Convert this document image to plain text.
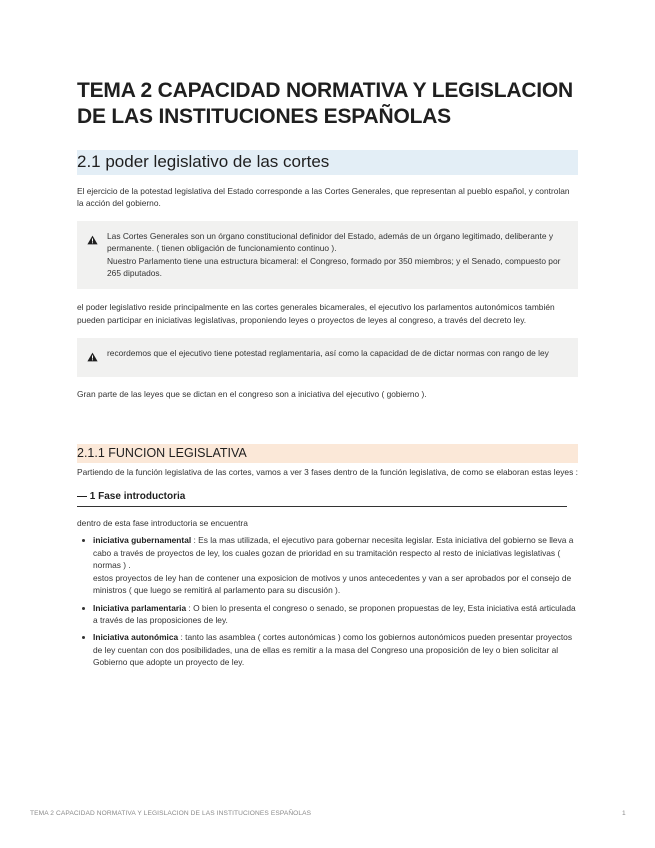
TEMA 2 CAPACIDAD NORMATIVA Y LEGISLACION DE LAS INSTITUCIONES ESPAÑOLAS
2.1 poder legislativo de las cortes

El ejercicio de la potestad legislativa del Estado corresponde a las Cortes Generales, que representan al pueblo español, y controlan la acción del gobierno.

Las Cortes Generales son un órgano constitucional definidor del Estado, además de un órgano legitimado, deliberante y permanente. ( tienen obligación de funcionamiento continuo ).

Nuestro Parlamento tiene una estructura bicameral: el Congreso, formado por 350 miembros; y el Senado, compuesto por 265 diputados.

el poder legislativo reside principalmente en las cortes generales bicamerales, el ejecutivo los parlamentos autonómicos también pueden participar en iniciativas legislativas, proponiendo leyes o proyectos de leyes al congreso, a través del decreto ley.

recordemos que el ejecutivo tiene potestad reglamentaria, así como la capacidad de de dictar normas con rango de ley

Gran parte de las leyes que se dictan en el congreso son a iniciativa del ejecutivo ( gobierno ).

2.1.1 FUNCION LEGISLATIVA

Partiendo de la función legislativa de las cortes, vamos a ver 3 fases dentro de la función legislativa, de como se elaboran estas leyes :

— 1 Fase introductoria

dentro de esta fase introductoria se encuentra

iniciativa gubernamental : Es la mas utilizada, el ejecutivo para gobernar necesita legislar. Esta iniciativa del gobierno se lleva a cabo a través de proyectos de ley, los cuales gozan de prioridad en su tramitación respecto al resto de iniciativas legislativas ( normas ) .
estos proyectos de ley han de contener una exposicion de motivos y unos antecedentes y van a ser aprobados por el consejo de ministros ( que luego se remitirá al parlamento para su discusión ).
Iniciativa parlamentaria : O bien lo presenta el congreso o senado, se proponen propuestas de ley, Esta iniciativa está articulada a través de las proposiciones de ley.
Iniciativa autonómica : tanto las asamblea ( cortes autonómicas ) como los gobiernos autonómicos pueden presentar proyectos de ley cuentan con dos posibilidades, una de ellas es remitir a la masa del Congreso una proposición de ley o bien solicitar al Gobierno que adopte un proyecto de ley.
TEMA 2 CAPACIDAD NORMATIVA Y LEGISLACION DE LAS INSTITUCIONES ESPAÑOLAS	1
